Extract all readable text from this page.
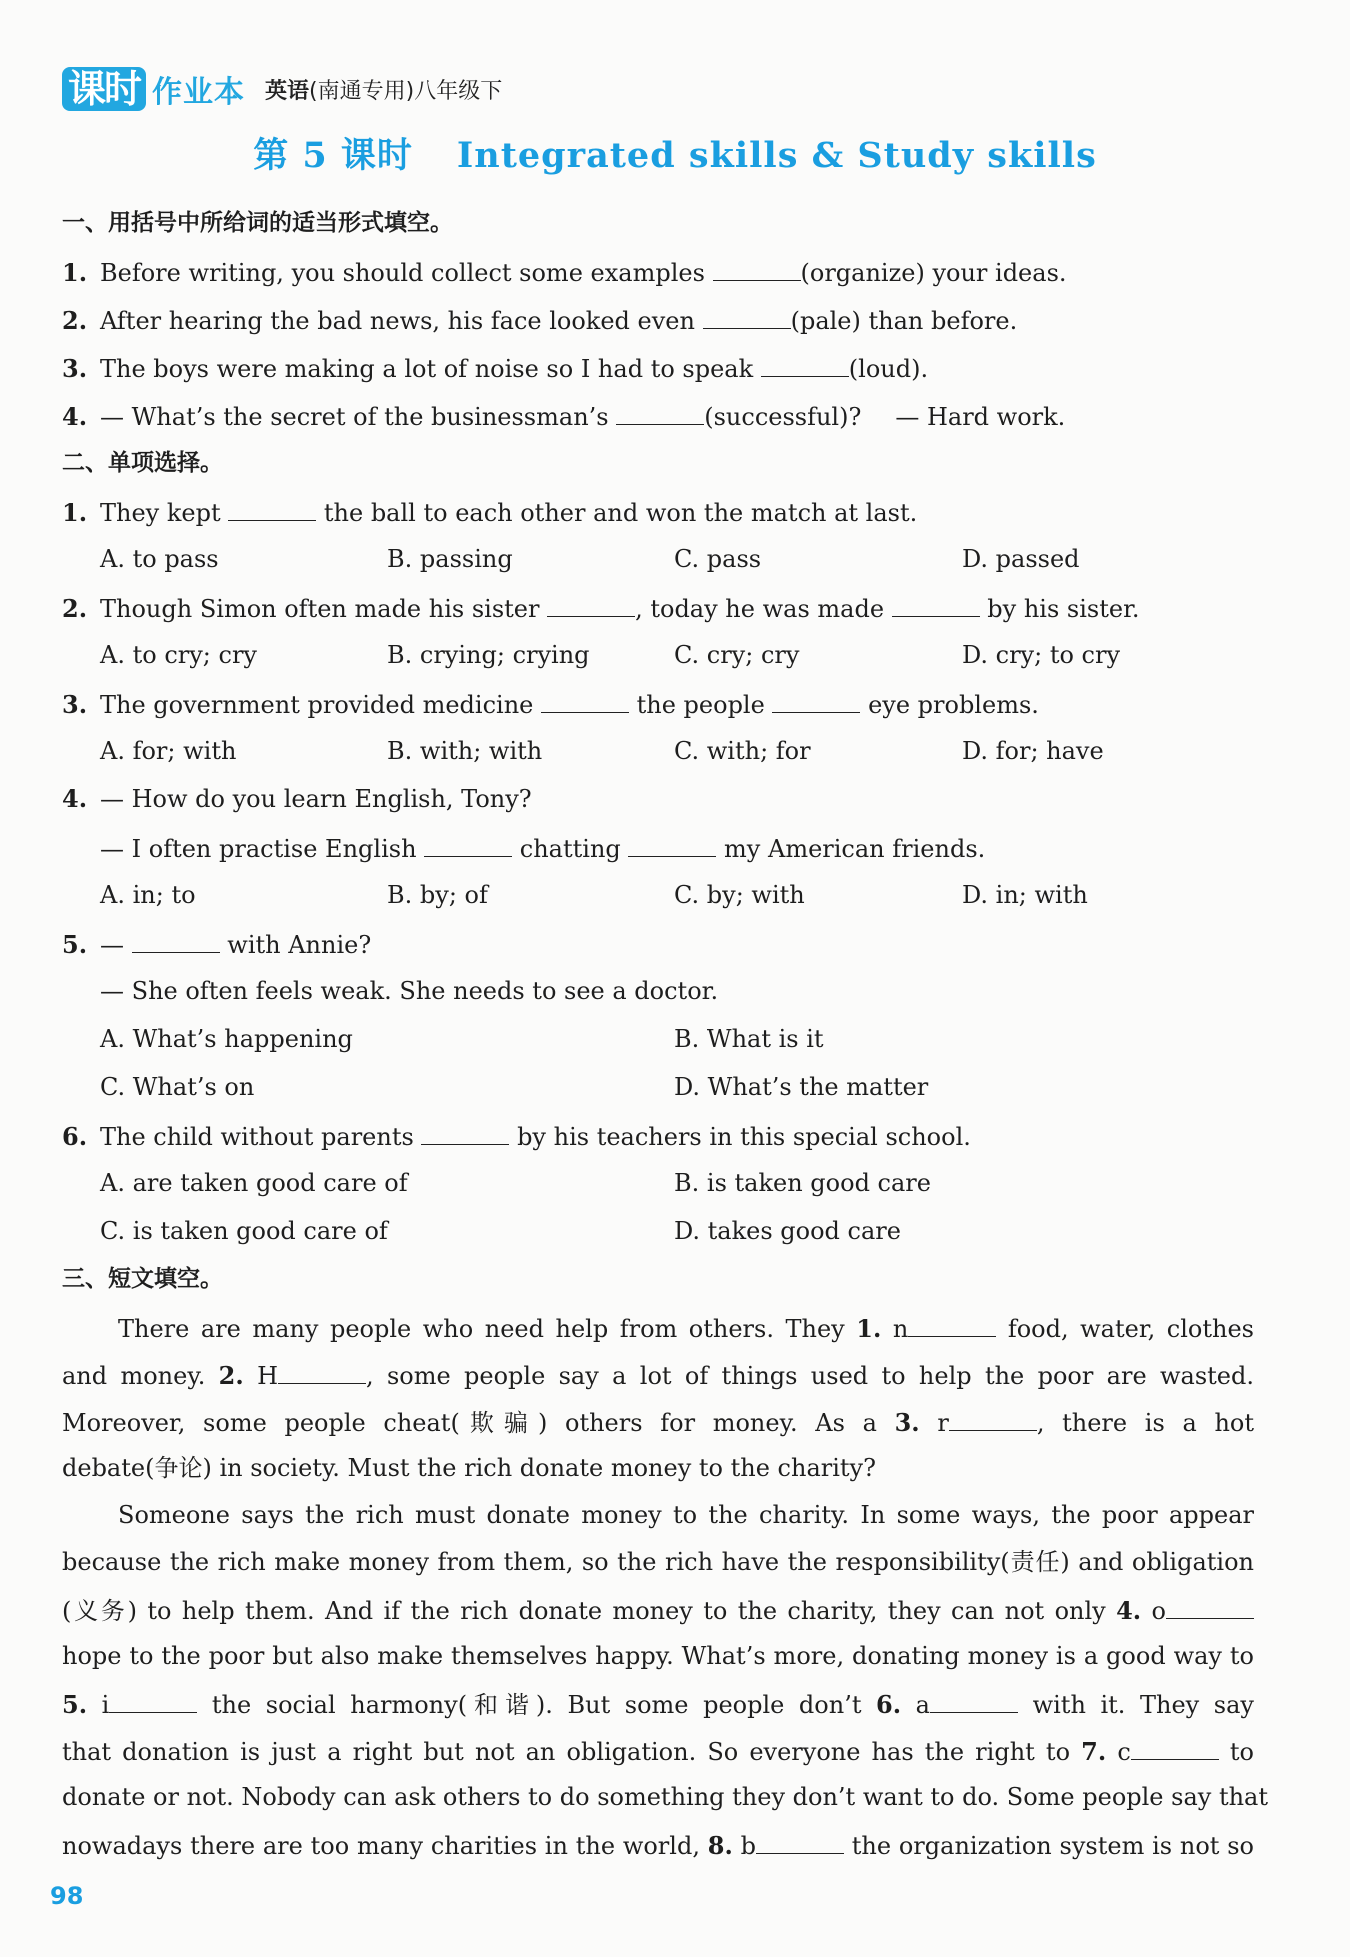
课时 作业本 英语(南通专用)八年级下
第 5 课时 Integrated skills & Study skills
一、用括号中所给词的适当形式填空。
1. Before writing, you should collect some examples	(organize) your ideas.
2. After hearing the bad news, his face looked even	(pale) than before.
3. The boys were making a lot of noise so I had to speak	(loud).
4. — What’s the secret of the businessman’s	(successful)? — Hard work.
二、单项选择。
1. They kept	the ball to each other and won the match at last.
A. to pass	B. passing	C. pass	D. passed
2. Though Simon often made his sister	, today he was made	by his sister.
A. to cry; cry	B. crying; crying	C. cry; cry	D. cry; to cry
3. The government provided medicine	the people	eye problems.
A. for; with	B. with; with	C. with; for	D. for; have
4. — How do you learn English, Tony?
— I often practise English	chatting	my American friends.
A. in; to	B. by; of	C. by; with	D. in; with
5. —	with Annie?
— She often feels weak. She needs to see a doctor.
A. What’s happening	B. What is it
C. What’s on	D. What’s the matter
6. The child without parents	by his teachers in this special school.
A. are taken good care of	B. is taken good care
C. is taken good care of	D. takes good care
三、短文填空。
There are many people who need help from others. They 1. n	food, water, clothes
and money. 2. H	, some people say a lot of things used to help the poor are wasted.
Moreover, some people cheat(欺骗) others for money. As a 3. r	, there is a hot
debate(争论) in society. Must the rich donate money to the charity?
Someone says the rich must donate money to the charity. In some ways, the poor appear
because the rich make money from them, so the rich have the responsibility(责任) and obligation
(义务) to help them. And if the rich donate money to the charity, they can not only 4. o
hope to the poor but also make themselves happy. What’s more, donating money is a good way to
5. i	the social harmony(和谐). But some people don’t 6. a	with it. They say
that donation is just a right but not an obligation. So everyone has the right to 7. c	to
donate or not. Nobody can ask others to do something they don’t want to do. Some people say that
nowadays there are too many charities in the world, 8. b	the organization system is not so
98
